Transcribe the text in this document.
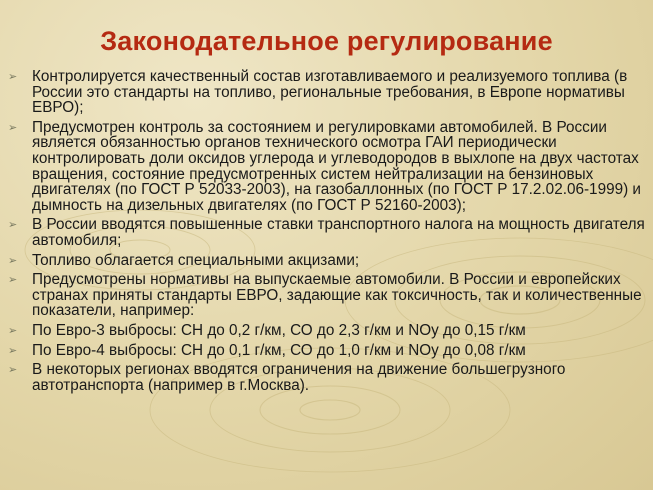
Законодательное регулирование
➢ Контролируется качественный состав изготавливаемого и реализуемого топлива (в России это стандарты на топливо, региональные требования, в Европе нормативы ЕВРО);
➢ Предусмотрен контроль за состоянием и регулировками автомобилей. В России является обязанностью органов технического осмотра ГАИ периодически контролировать доли оксидов углерода и углеводородов в выхлопе на двух частотах вращения, состояние предусмотренных систем нейтрализации на бензиновых двигателях (по ГОСТ Р 52033-2003), на газобаллонных (по ГОСТ Р 17.2.02.06-1999) и дымность на дизельных двигателях (по ГОСТ Р 52160-2003);
➢ В России вводятся повышенные ставки транспортного налога на мощность двигателя автомобиля;
➢ Топливо облагается специальными акцизами;
➢ Предусмотрены нормативы на выпускаемые автомобили. В России и европейских странах приняты стандарты ЕВРО, задающие как токсичность, так и количественные показатели, например:
➢ По Евро-3 выбросы: СН до 0,2 г/км, СО до 2,3 г/км и NOу до 0,15 г/км
➢ По Евро-4 выбросы: СН до 0,1 г/км, СО до 1,0 г/км и NOу до 0,08 г/км
➢ В некоторых регионах вводятся ограничения на движение большегрузного автотранспорта (например в г.Москва).
